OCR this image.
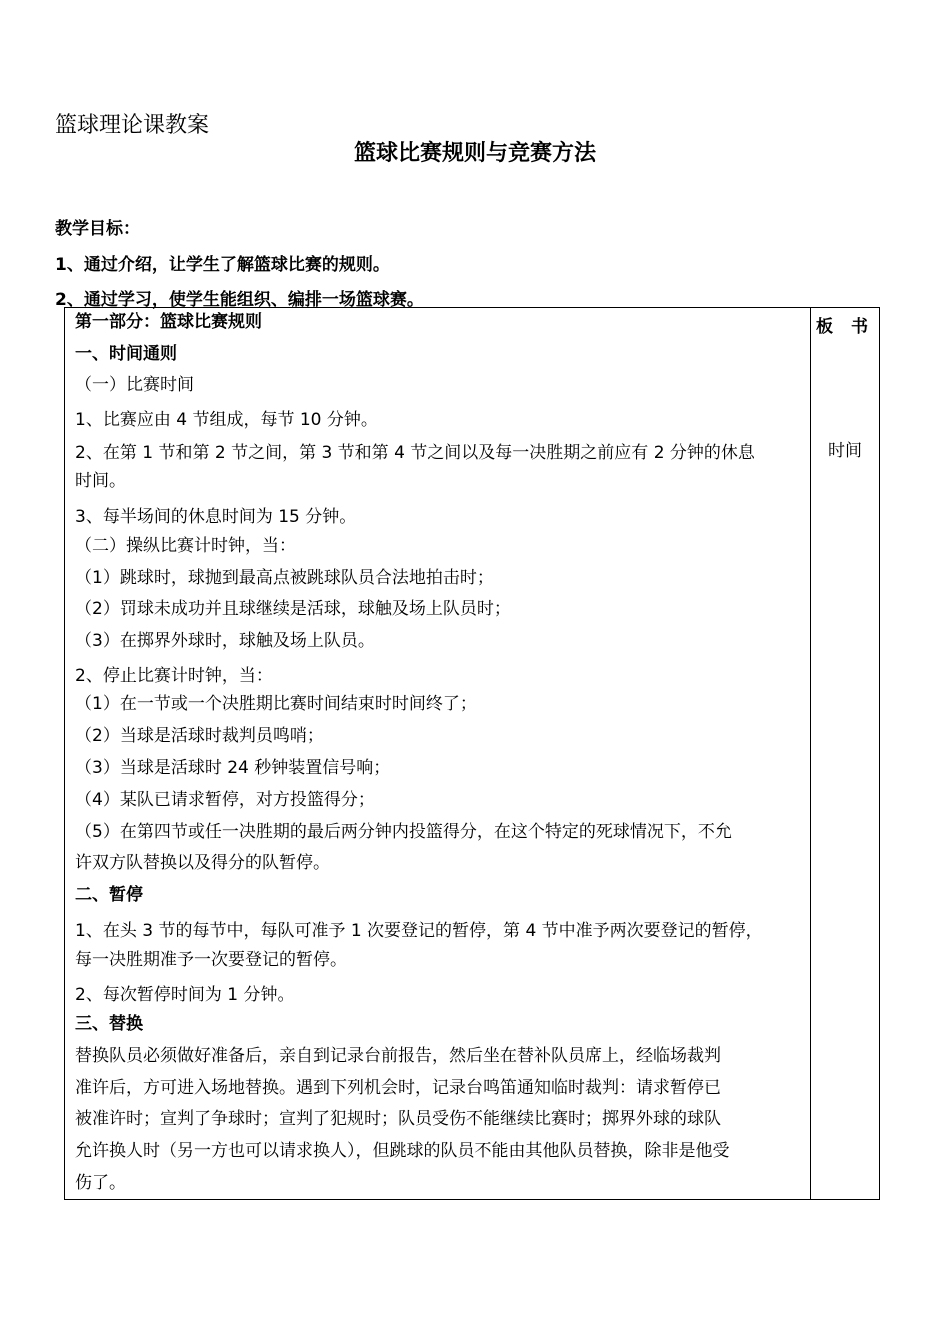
篮球理论课教案
篮球比赛规则与竞赛方法
教学目标：
1、通过介绍，让学生了解篮球比赛的规则。
2、通过学习，使学生能组织、编排一场篮球赛。
第一部分：篮球比赛规则
一、时间通则
（一）比赛时间
1、比赛应由 4 节组成，每节 10 分钟。
2、在第 1 节和第 2 节之间，第 3 节和第 4 节之间以及每一决胜期之前应有 2 分钟的休息
时间。
3、每半场间的休息时间为 15 分钟。
（二）操纵比赛计时钟，当：
（1）跳球时，球抛到最高点被跳球队员合法地拍击时；
（2）罚球未成功并且球继续是活球，球触及场上队员时；
（3）在掷界外球时，球触及场上队员。
2、停止比赛计时钟，当：
（1）在一节或一个决胜期比赛时间结束时时间终了；
（2）当球是活球时裁判员鸣哨；
（3）当球是活球时 24 秒钟装置信号响；
（4）某队已请求暂停，对方投篮得分；
（5）在第四节或任一决胜期的最后两分钟内投篮得分，在这个特定的死球情况下，不允
许双方队替换以及得分的队暂停。
二、暂停
1、在头 3 节的每节中，每队可准予 1 次要登记的暂停，第 4 节中准予两次要登记的暂停，
每一决胜期准予一次要登记的暂停。
2、每次暂停时间为 1 分钟。
三、替换
替换队员必须做好准备后，亲自到记录台前报告，然后坐在替补队员席上，经临场裁判
准许后，方可进入场地替换。遇到下列机会时，记录台鸣笛通知临时裁判：请求暂停已
被准许时；宣判了争球时；宣判了犯规时；队员受伤不能继续比赛时；掷界外球的球队
允许换人时（另一方也可以请求换人），但跳球的队员不能由其他队员替换，除非是他受
伤了。
板 书
时间
